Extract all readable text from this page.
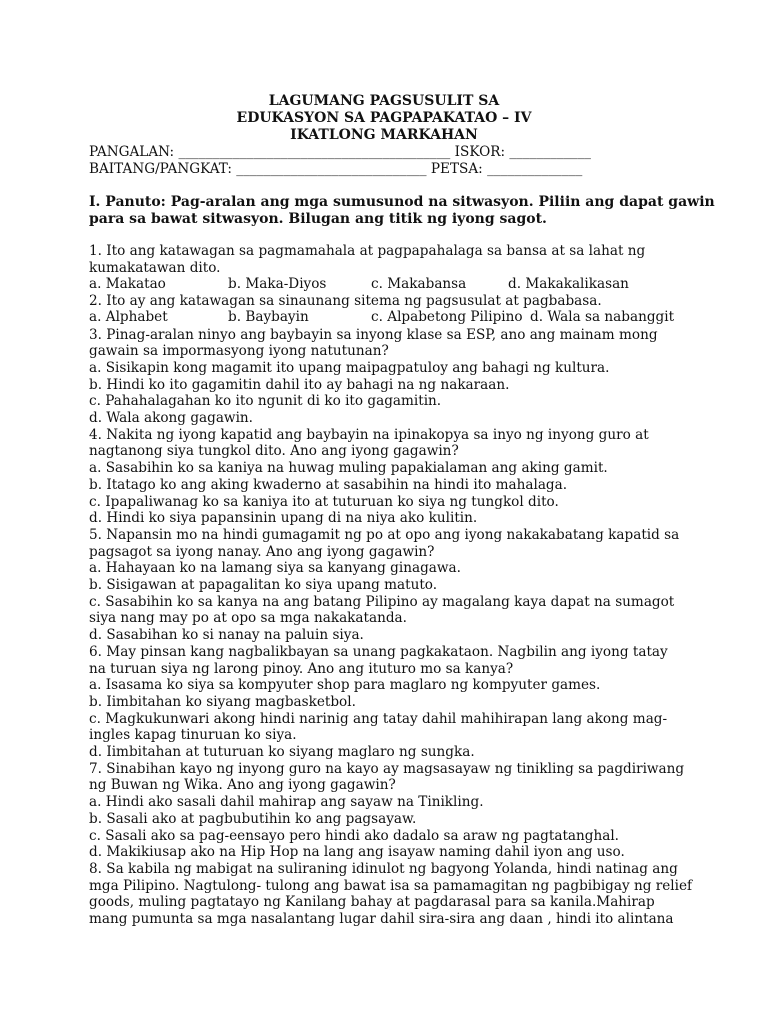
LAGUMANG PAGSUSULIT SA
EDUKASYON SA PAGPAPAKATAO – IV
IKATLONG MARKAHAN
PANGALAN: ________________________________________ ISKOR: ____________
BAITANG/PANGKAT: ____________________________ PETSA: ______________
I. Panuto: Pag-aralan ang mga sumusunod na sitwasyon. Piliin ang dapat gawin
para sa bawat sitwasyon. Bilugan ang titik ng iyong sagot.
1. Ito ang katawagan sa pagmamahala at pagpapahalaga sa bansa at sa lahat ng
kumakatawan dito.
2. Ito ay ang katawagan sa sinaunang sitema ng pagsusulat at pagbabasa.
3. Pinag-aralan ninyo ang baybayin sa inyong klase sa ESP, ano ang mainam mong
gawain sa impormasyong iyong natutunan?
a. Sisikapin kong magamit ito upang maipagpatuloy ang bahagi ng kultura.
b. Hindi ko ito gagamitin dahil ito ay bahagi na ng nakaraan.
c. Pahahalagahan ko ito ngunit di ko ito gagamitin.
d. Wala akong gagawin.
4. Nakita ng iyong kapatid ang baybayin na ipinakopya sa inyo ng inyong guro at
nagtanong siya tungkol dito. Ano ang iyong gagawin?
a. Sasabihin ko sa kaniya na huwag muling papakialaman ang aking gamit.
b. Itatago ko ang aking kwaderno at sasabihin na hindi ito mahalaga.
c. Ipapaliwanag ko sa kaniya ito at tuturuan ko siya ng tungkol dito.
d. Hindi ko siya papansinin upang di na niya ako kulitin.
5. Napansin mo na hindi gumagamit ng po at opo ang iyong nakakabatang kapatid sa
pagsagot sa iyong nanay. Ano ang iyong gagawin?
a. Hahayaan ko na lamang siya sa kanyang ginagawa.
b. Sisigawan at papagalitan ko siya upang matuto.
c. Sasabihin ko sa kanya na ang batang Pilipino ay magalang kaya dapat na sumagot
siya nang may po at opo sa mga nakakatanda.
d. Sasabihan ko si nanay na paluin siya.
6. May pinsan kang nagbalikbayan sa unang pagkakataon. Nagbilin ang iyong tatay
na turuan siya ng larong pinoy. Ano ang ituturo mo sa kanya?
a. Isasama ko siya sa kompyuter shop para maglaro ng kompyuter games.
b. Iimbitahan ko siyang magbasketbol.
c. Magkukunwari akong hindi narinig ang tatay dahil mahihirapan lang akong mag-
ingles kapag tinuruan ko siya.
d. Iimbitahan at tuturuan ko siyang maglaro ng sungka.
7. Sinabihan kayo ng inyong guro na kayo ay magsasayaw ng tinikling sa pagdiriwang
ng Buwan ng Wika. Ano ang iyong gagawin?
a. Hindi ako sasali dahil mahirap ang sayaw na Tinikling.
b. Sasali ako at pagbubutihin ko ang pagsayaw.
c. Sasali ako sa pag-eensayo pero hindi ako dadalo sa araw ng pagtatanghal.
d. Makikiusap ako na Hip Hop na lang ang isayaw naming dahil iyon ang uso.
8. Sa kabila ng mabigat na suliraning idinulot ng bagyong Yolanda, hindi natinag ang
mga Pilipino. Nagtulong- tulong ang bawat isa sa pamamagitan ng pagbibigay ng relief
goods, muling pagtatayo ng Kanilang bahay at pagdarasal para sa kanila.Mahirap
mang pumunta sa mga nasalantang lugar dahil sira-sira ang daan , hindi ito alintana
a. Makatao	b. Maka-Diyos	c. Makabansa	d. Makakalikasan
a. Alphabet	b. Baybayin	c. Alpabetong Pilipino d. Wala sa nabanggit
